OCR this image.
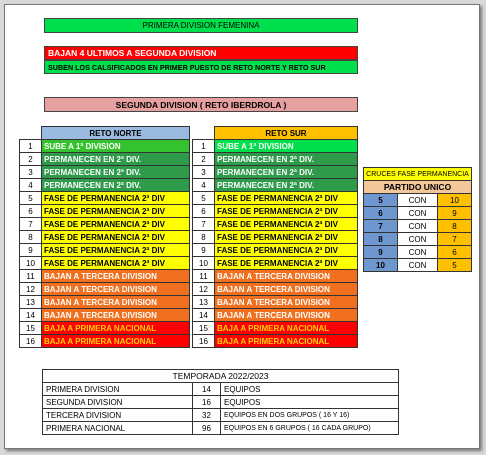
PRIMERA DIVISION FEMENINA
BAJAN 4 ULTIMOS A SEGUNDA DIVISION
SUBEN LOS CALSIFICADOS EN PRIMER PUESTO DE RETO NORTE Y RETO SUR
SEGUNDA DIVISION ( RETO IBERDROLA )
	RETO NORTE
1	SUBE A 1ª DIVISION
2	PERMANECEN EN 2ª DIV.
3	PERMANECEN EN 2ª DIV.
4	PERMANECEN EN 2ª DIV.
5	FASE DE PERMANENCIA 2ª DIV
6	FASE DE PERMANENCIA 2ª DIV
7	FASE DE PERMANENCIA 2ª DIV
8	FASE DE PERMANENCIA 2ª DIV
9	FASE DE PERMANENCIA 2ª DIV
10	FASE DE PERMANENCIA 2ª DIV
11	BAJAN A TERCERA DIVISION
12	BAJAN A TERCERA DIVISION
13	BAJAN A TERCERA DIVISION
14	BAJAN A TERCERA DIVISION
15	BAJA A PRIMERA NACIONAL
16	BAJA A PRIMERA NACIONAL
	RETO SUR
1	SUBE A 1ª DIVISION
2	PERMANECEN EN 2ª DIV.
3	PERMANECEN EN 2ª DIV.
4	PERMANECEN EN 2ª DIV.
5	FASE DE PERMANENCIA 2ª DIV
6	FASE DE PERMANENCIA 2ª DIV
7	FASE DE PERMANENCIA 2ª DIV
8	FASE DE PERMANENCIA 2ª DIV
9	FASE DE PERMANENCIA 2ª DIV
10	FASE DE PERMANENCIA 2ª DIV
11	BAJAN A TERCERA DIVISION
12	BAJAN A TERCERA DIVISION
13	BAJAN A TERCERA DIVISION
14	BAJAN A TERCERA DIVISION
15	BAJA A PRIMERA NACIONAL
16	BAJA A PRIMERA NACIONAL
CRUCES FASE PERMANENCIA		
PARTIDO UNICO		
5	CON	10
6	CON	9
7	CON	8
8	CON	7
9	CON	6
10	CON	5
TEMPORADA 2022/2023		
PRIMERA DIVISION	14	EQUIPOS
SEGUNDA DIVISION	16	EQUIPOS
TERCERA DIVISION	32	EQUIPOS EN DOS GRUPOS ( 16 Y 16)
PRIMERA NACIONAL	96	EQUIPOS EN 6 GRUPOS ( 16 CADA GRUPO)
